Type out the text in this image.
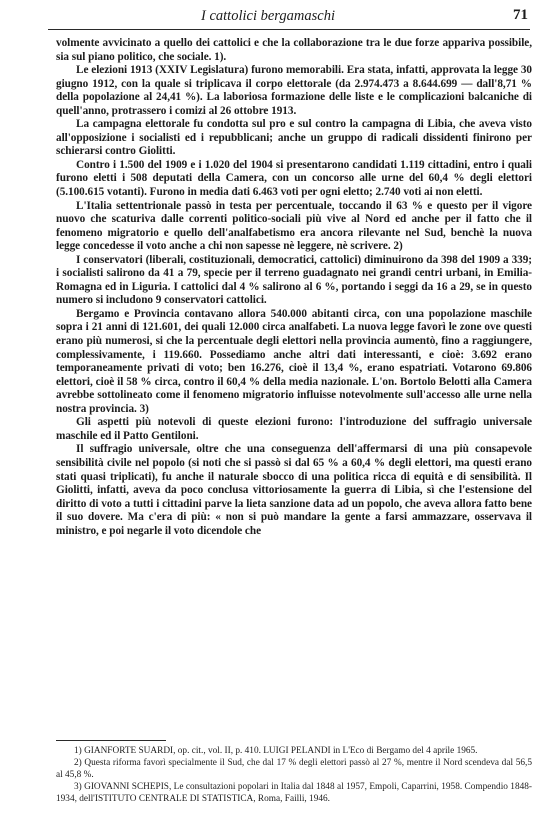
I cattolici bergamaschi	71

volmente avvicinato a quello dei cattolici e che la collaborazione tra le due forze appariva possibile, sia sul piano politico, che sociale. 1).

Le elezioni 1913 (XXIV Legislatura) furono memorabili. Era stata, infatti, approvata la legge 30 giugno 1912, con la quale si triplicava il corpo elettorale (da 2.974.473 a 8.644.699 — dall'8,71 % della popolazione al 24,41 %). La laboriosa formazione delle liste e le complicazioni balcaniche di quell'anno, protrassero i comizi al 26 ottobre 1913.

La campagna elettorale fu condotta sul pro e sul contro la campagna di Libia, che aveva visto all'opposizione i socialisti ed i repubblicani; anche un gruppo di radicali dissidenti finirono per schierarsi contro Giolitti.

Contro i 1.500 del 1909 e i 1.020 del 1904 si presentarono candidati 1.119 cittadini, entro i quali furono eletti i 508 deputati della Camera, con un concorso alle urne del 60,4 % degli elettori (5.100.615 votanti). Furono in media dati 6.463 voti per ogni eletto; 2.740 voti ai non eletti.

L'Italia settentrionale passò in testa per percentuale, toccando il 63 % e questo per il vigore nuovo che scaturiva dalle correnti politico-sociali più vive al Nord ed anche per il fatto che il fenomeno migratorio e quello dell'analfabetismo era ancora rilevante nel Sud, benchè la nuova legge concedesse il voto anche a chi non sapesse nè leggere, nè scrivere. 2)

I conservatori (liberali, costituzionali, democratici, cattolici) diminuirono da 398 del 1909 a 339; i socialisti salirono da 41 a 79, specie per il terreno guadagnato nei grandi centri urbani, in Emilia-Romagna ed in Liguria. I cattolici dal 4 % salirono al 6 %, portando i seggi da 16 a 29, se in questo numero si includono 9 conservatori cattolici.

Bergamo e Provincia contavano allora 540.000 abitanti circa, con una popolazione maschile sopra i 21 anni di 121.601, dei quali 12.000 circa analfabeti. La nuova legge favorì le zone ove questi erano più numerosi, si che la percentuale degli elettori nella provincia aumentò, fino a raggiungere, complessivamente, i 119.660. Possediamo anche altri dati interessanti, e cioè: 3.692 erano temporaneamente privati di voto; ben 16.276, cioè il 13,4 %, erano espatriati. Votarono 69.806 elettori, cioè il 58 % circa, contro il 60,4 % della media nazionale. L'on. Bortolo Belotti alla Camera avrebbe sottolineato come il fenomeno migratorio influisse notevolmente sull'accesso alle urne nella nostra provincia. 3)

Gli aspetti più notevoli di queste elezioni furono: l'introduzione del suffragio universale maschile ed il Patto Gentiloni.

Il suffragio universale, oltre che una conseguenza dell'affermarsi di una più consapevole sensibilità civile nel popolo (si noti che si passò si dal 65 % a 60,4 % degli elettori, ma questi erano stati quasi triplicati), fu anche il naturale sbocco di una politica ricca di equità e di sensibilità. Il Giolitti, infatti, aveva da poco conclusa vittoriosamente la guerra di Libia, sì che l'estensione del diritto di voto a tutti i cittadini parve la lieta sanzione data ad un popolo, che aveva allora fatto bene il suo dovere. Ma c'era di più: « non si può mandare la gente a farsi ammazzare, osservava il ministro, e poi negarle il voto dicendole che

1) GIANFORTE SUARDI, op. cit., vol. II, p. 410. LUIGI PELANDI in L'Eco di Bergamo del 4 aprile 1965.

2) Questa riforma favorì specialmente il Sud, che dal 17 % degli elettori passò al 27 %, mentre il Nord scendeva dal 56,5 al 45,8 %.

3) GIOVANNI SCHEPIS, Le consultazioni popolari in Italia dal 1848 al 1957, Empoli, Caparrini, 1958. Compendio 1848-1934, dell'ISTITUTO CENTRALE DI STATISTICA, Roma, Failli, 1946.
